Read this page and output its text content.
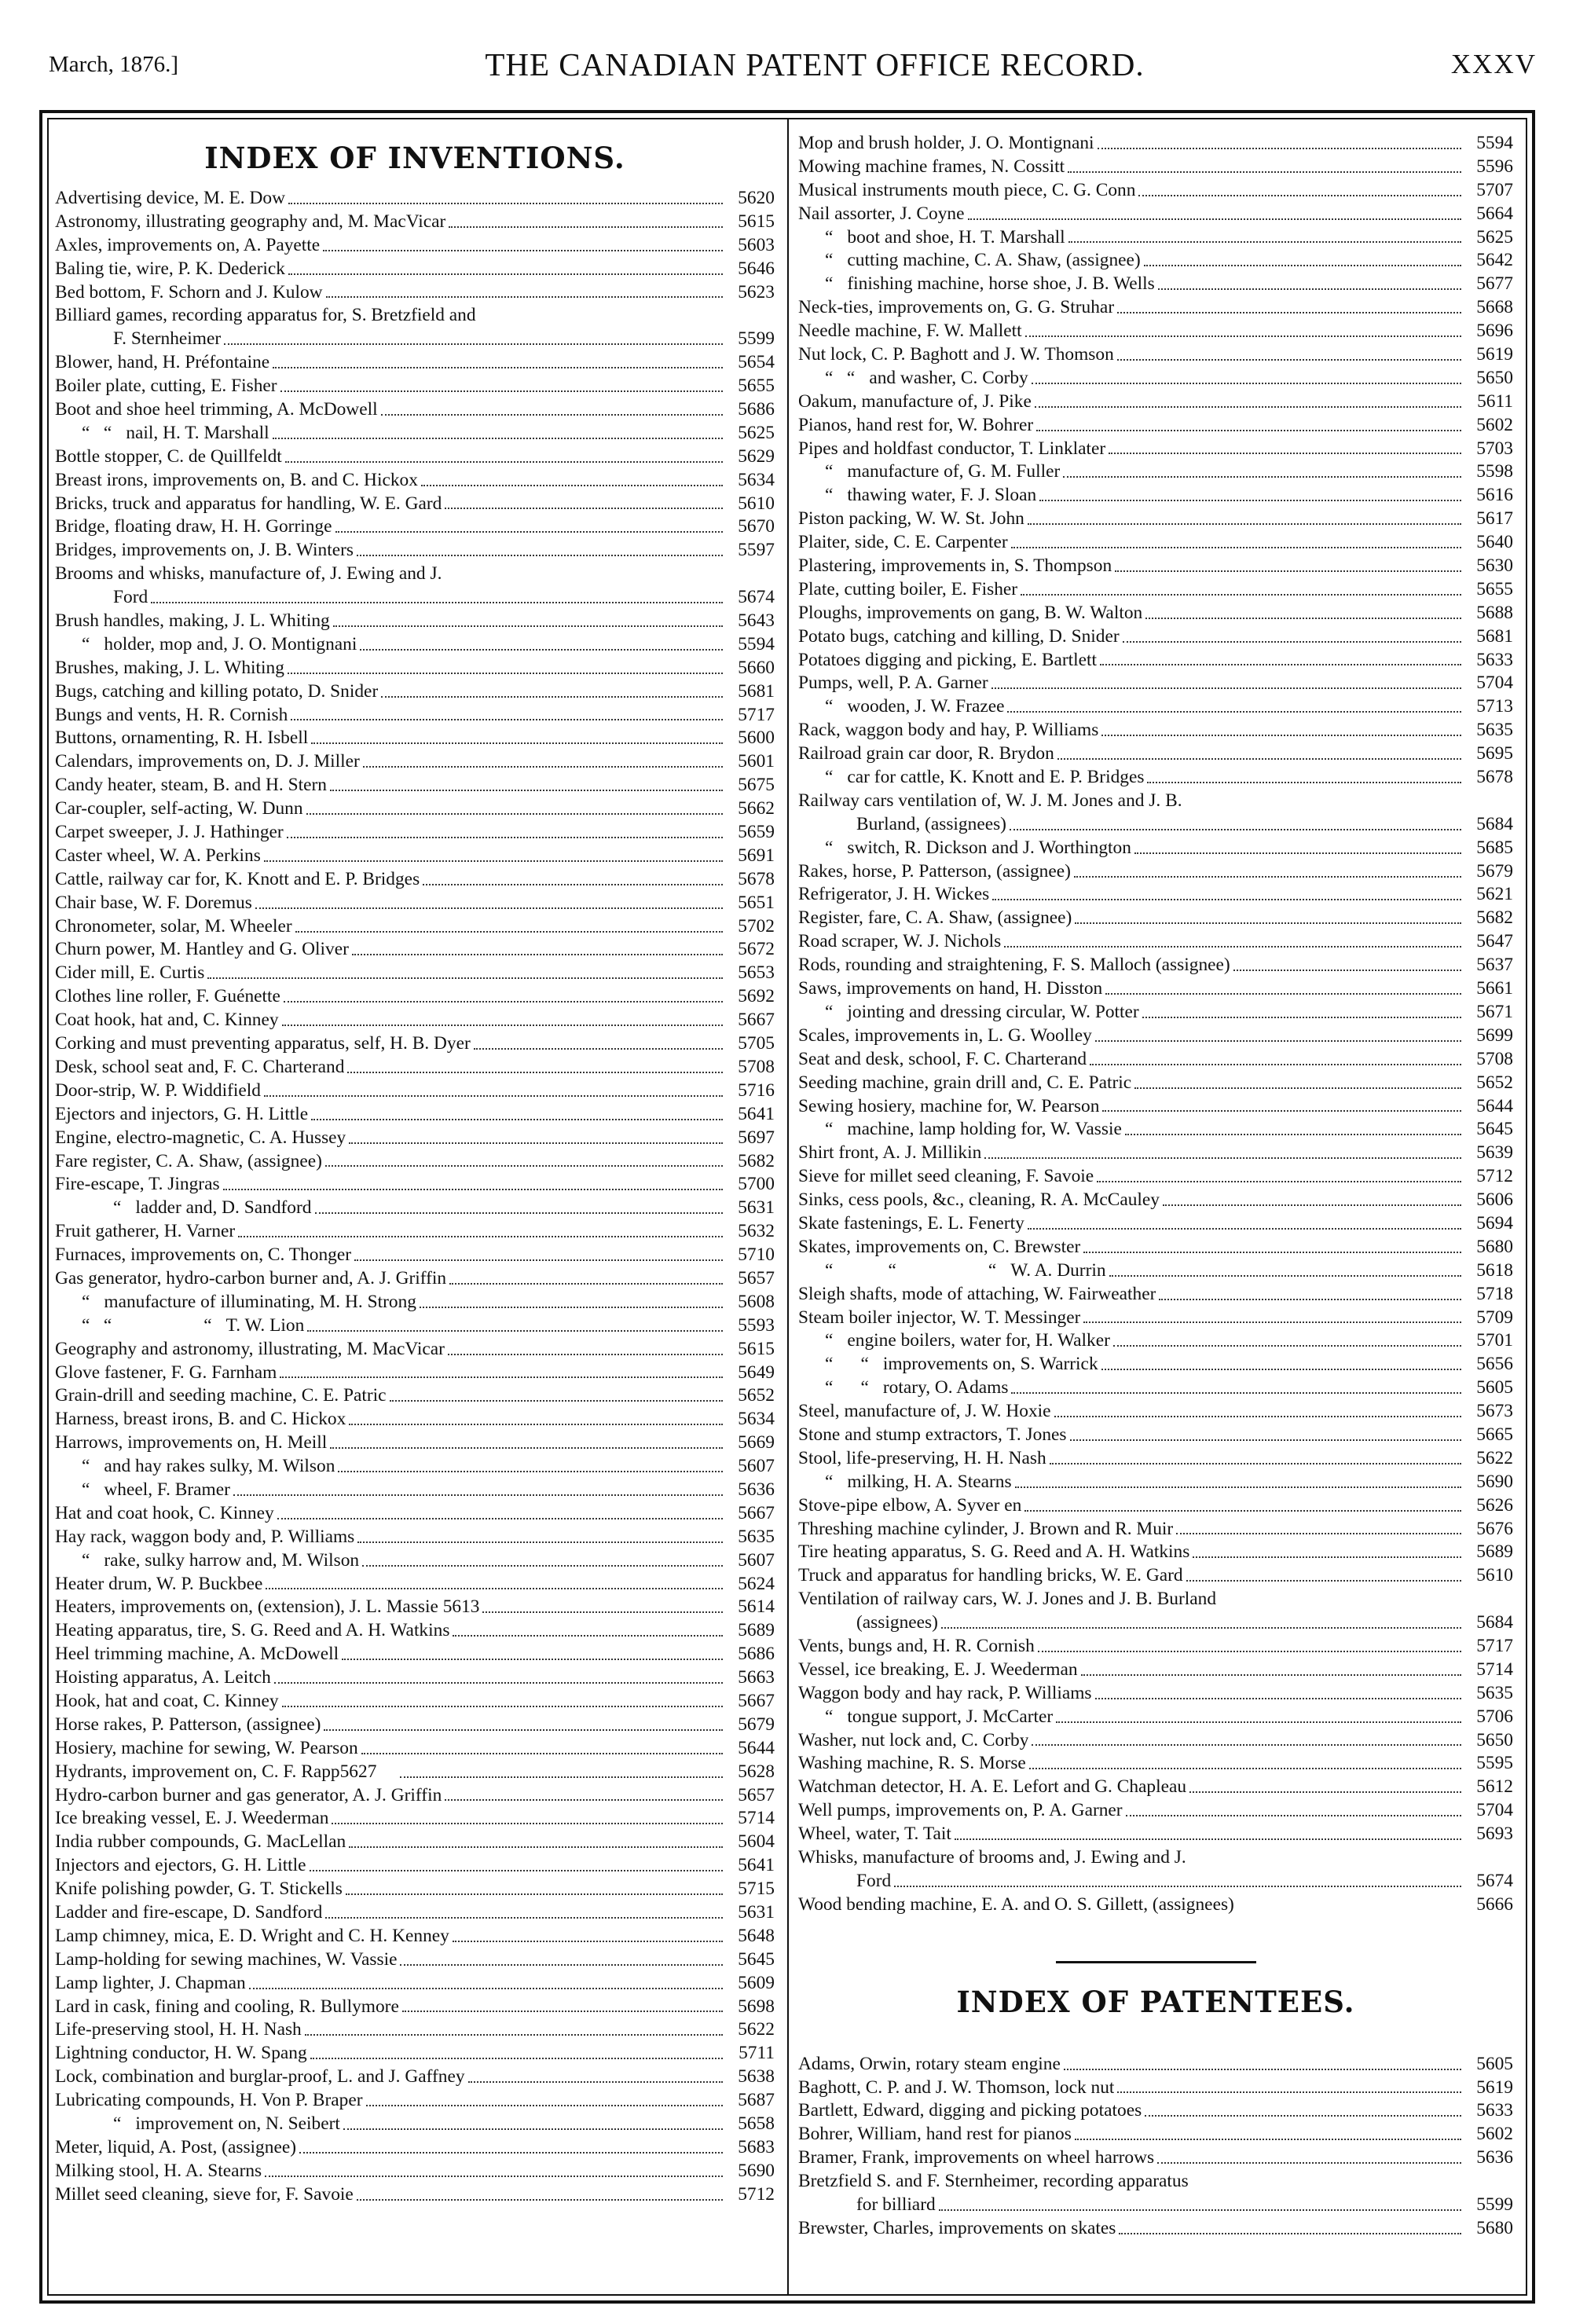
March, 1876.]	THE CANADIAN PATENT OFFICE RECORD.	XXXV
INDEX OF INVENTIONS.
Advertising device, M. E. Dow	5620
Astronomy, illustrating geography and, M. MacVicar	5615
Axles, improvements on, A. Payette	5603
Baling tie, wire, P. K. Dederick	5646
Bed bottom, F. Schorn and J. Kulow	5623
Billiard games, recording apparatus for, S. Bretzfield and
F. Sternheimer	5599
Blower, hand, H. Préfontaine	5654
Boiler plate, cutting, E. Fisher	5655
Boot and shoe heel trimming, A. McDowell	5686
“   “ nail, H. T. Marshall	5625
Bottle stopper, C. de Quillfeldt	5629
Breast irons, improvements on, B. and C. Hickox	5634
Bricks, truck and apparatus for handling, W. E. Gard	5610
Bridge, floating draw, H. H. Gorringe	5670
Bridges, improvements on, J. B. Winters	5597
Brooms and whisks, manufacture of, J. Ewing and J.
Ford	5674
Brush handles, making, J. L. Whiting	5643
“ holder, mop and, J. O. Montignani	5594
Brushes, making, J. L. Whiting	5660
Bugs, catching and killing potato, D. Snider	5681
Bungs and vents, H. R. Cornish	5717
Buttons, ornamenting, R. H. Isbell	5600
Calendars, improvements on, D. J. Miller	5601
Candy heater, steam, B. and H. Stern	5675
Car-coupler, self-acting, W. Dunn	5662
Carpet sweeper, J. J. Hathinger	5659
Caster wheel, W. A. Perkins	5691
Cattle, railway car for, K. Knott and E. P. Bridges	5678
Chair base, W. F. Doremus	5651
Chronometer, solar, M. Wheeler	5702
Churn power, M. Hantley and G. Oliver	5672
Cider mill, E. Curtis	5653
Clothes line roller, F. Guénette	5692
Coat hook, hat and, C. Kinney	5667
Corking and must preventing apparatus, self, H. B. Dyer	5705
Desk, school seat and, F. C. Charterand	5708
Door-strip, W. P. Widdifield	5716
Ejectors and injectors, G. H. Little	5641
Engine, electro-magnetic, C. A. Hussey	5697
Fare register, C. A. Shaw, (assignee)	5682
Fire-escape, T. Jingras	5700
“ ladder and, D. Sandford	5631
Fruit gatherer, H. Varner	5632
Furnaces, improvements on, C. Thonger	5710
Gas generator, hydro-carbon burner and, A. J. Griffin	5657
“ manufacture of illuminating, M. H. Strong	5608
“   “                    “ T. W. Lion	5593
Geography and astronomy, illustrating, M. MacVicar	5615
Glove fastener, F. G. Farnham	5649
Grain-drill and seeding machine, C. E. Patric	5652
Harness, breast irons, B. and C. Hickox	5634
Harrows, improvements on, H. Meill	5669
“ and hay rakes sulky, M. Wilson	5607
“ wheel, F. Bramer	5636
Hat and coat hook, C. Kinney	5667
Hay rack, waggon body and, P. Williams	5635
“ rake, sulky harrow and, M. Wilson	5607
Heater drum, W. P. Buckbee	5624
Heaters, improvements on, (extension), J. L. Massie 5613	5614
Heating apparatus, tire, S. G. Reed and A. H. Watkins	5689
Heel trimming machine, A. McDowell	5686
Hoisting apparatus, A. Leitch	5663
Hook, hat and coat, C. Kinney	5667
Horse rakes, P. Patterson, (assignee)	5679
Hosiery, machine for sewing, W. Pearson	5644
Hydrants, improvement on, C. F. Rapp 5627	5628
Hydro-carbon burner and gas generator, A. J. Griffin	5657
Ice breaking vessel, E. J. Weederman	5714
India rubber compounds, G. MacLellan	5604
Injectors and ejectors, G. H. Little	5641
Knife polishing powder, G. T. Stickells	5715
Ladder and fire-escape, D. Sandford	5631
Lamp chimney, mica, E. D. Wright and C. H. Kenney	5648
Lamp-holding for sewing machines, W. Vassie	5645
Lamp lighter, J. Chapman	5609
Lard in cask, fining and cooling, R. Bullymore	5698
Life-preserving stool, H. H. Nash	5622
Lightning conductor, H. W. Spang	5711
Lock, combination and burglar-proof, L. and J. Gaffney	5638
Lubricating compounds, H. Von P. Braper	5687
“ improvement on, N. Seibert	5658
Meter, liquid, A. Post, (assignee)	5683
Milking stool, H. A. Stearns	5690
Millet seed cleaning, sieve for, F. Savoie	5712
Mop and brush holder, J. O. Montignani	5594
Mowing machine frames, N. Cossitt	5596
Musical instruments mouth piece, C. G. Conn	5707
Nail assorter, J. Coyne	5664
“ boot and shoe, H. T. Marshall	5625
“ cutting machine, C. A. Shaw, (assignee)	5642
“ finishing machine, horse shoe, J. B. Wells	5677
Neck-ties, improvements on, G. G. Struhar	5668
Needle machine, F. W. Mallett	5696
Nut lock, C. P. Baghott and J. W. Thomson	5619
“   “ and washer, C. Corby	5650
Oakum, manufacture of, J. Pike	5611
Pianos, hand rest for, W. Bohrer	5602
Pipes and holdfast conductor, T. Linklater	5703
“ manufacture of, G. M. Fuller	5598
“ thawing water, F. J. Sloan	5616
Piston packing, W. W. St. John	5617
Plaiter, side, C. E. Carpenter	5640
Plastering, improvements in, S. Thompson	5630
Plate, cutting boiler, E. Fisher	5655
Ploughs, improvements on gang, B. W. Walton	5688
Potato bugs, catching and killing, D. Snider	5681
Potatoes digging and picking, E. Bartlett	5633
Pumps, well, P. A. Garner	5704
“ wooden, J. W. Frazee	5713
Rack, waggon body and hay, P. Williams	5635
Railroad grain car door, R. Brydon	5695
“ car for cattle, K. Knott and E. P. Bridges	5678
Railway cars ventilation of, W. J. M. Jones and J. B.
Burland, (assignees)	5684
“ switch, R. Dickson and J. Worthington	5685
Rakes, horse, P. Patterson, (assignee)	5679
Refrigerator, J. H. Wickes	5621
Register, fare, C. A. Shaw, (assignee)	5682
Road scraper, W. J. Nichols	5647
Rods, rounding and straightening, F. S. Malloch (assignee)	5637
Saws, improvements on hand, H. Disston	5661
“ jointing and dressing circular, W. Potter	5671
Scales, improvements in, L. G. Woolley	5699
Seat and desk, school, F. C. Charterand	5708
Seeding machine, grain drill and, C. E. Patric	5652
Sewing hosiery, machine for, W. Pearson	5644
“ machine, lamp holding for, W. Vassie	5645
Shirt front, A. J. Millikin	5639
Sieve for millet seed cleaning, F. Savoie	5712
Sinks, cess pools, &c., cleaning, R. A. McCauley	5606
Skate fastenings, E. L. Fenerty	5694
Skates, improvements on, C. Brewster	5680
“            “                    “ W. A. Durrin	5618
Sleigh shafts, mode of attaching, W. Fairweather	5718
Steam boiler injector, W. T. Messinger	5709
“ engine boilers, water for, H. Walker	5701
“      “ improvements on, S. Warrick	5656
“      “ rotary, O. Adams	5605
Steel, manufacture of, J. W. Hoxie	5673
Stone and stump extractors, T. Jones	5665
Stool, life-preserving, H. H. Nash	5622
“ milking, H. A. Stearns	5690
Stove-pipe elbow, A. Syver en	5626
Threshing machine cylinder, J. Brown and R. Muir	5676
Tire heating apparatus, S. G. Reed and A. H. Watkins	5689
Truck and apparatus for handling bricks, W. E. Gard	5610
Ventilation of railway cars, W. J. Jones and J. B. Burland
(assignees)	5684
Vents, bungs and, H. R. Cornish	5717
Vessel, ice breaking, E. J. Weederman	5714
Waggon body and hay rack, P. Williams	5635
“ tongue support, J. McCarter	5706
Washer, nut lock and, C. Corby	5650
Washing machine, R. S. Morse	5595
Watchman detector, H. A. E. Lefort and G. Chapleau	5612
Well pumps, improvements on, P. A. Garner	5704
Wheel, water, T. Tait	5693
Whisks, manufacture of brooms and, J. Ewing and J.
Ford	5674
Wood bending machine, E. A. and O. S. Gillett, (assignees)	5666
INDEX OF PATENTEES.
Adams, Orwin, rotary steam engine	5605
Baghott, C. P. and J. W. Thomson, lock nut	5619
Bartlett, Edward, digging and picking potatoes	5633
Bohrer, William, hand rest for pianos	5602
Bramer, Frank, improvements on wheel harrows	5636
Bretzfield S. and F. Sternheimer, recording apparatus
for billiard	5599
Brewster, Charles, improvements on skates	5680
